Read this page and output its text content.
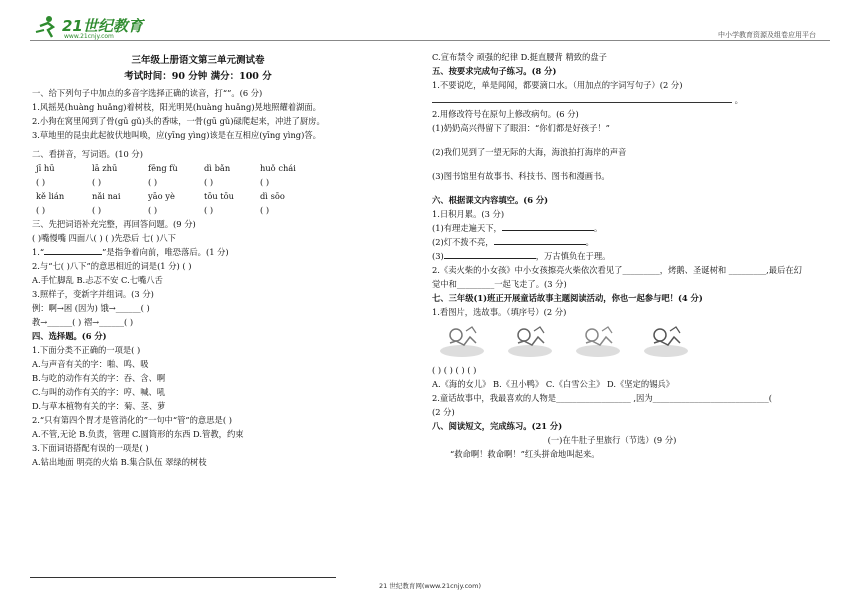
21世纪教育
www.21cnjy.com	中小学教育资源及组卷应用平台
三年级上册语文第三单元测试卷
考试时间：90 分钟 满分：100 分
一、给下列句子中加点的多音字选择正确的读音，打“”。(6 分)
1.风摇晃(huàng huǎng)着树枝，阳光明晃(huàng huǎng)晃地照耀着湖面。
2.小狗在窝里闻到了骨(gū gǔ)头的香味，一骨(gū gǔ)碌爬起来，冲进了厨房。
3.草地里的昆虫此起彼伏地叫唤，应(yīng yìng)该是在互相应(yīng yìng)答。
二、看拼音，写词语。(10 分)
jī hū	lā zhū	fēng fù	dì bǎn	huǒ chái
( )	( )	( )	( )	( )
kě lián	nǎi nai	yāo yè	tōu tōu	dì sōo
( )	( )	( )	( )	( )
三、先把词语补充完整，再回答问题。(9 分)
( )嘴慢嘴 四面八( ) ( )先恐后 七( )八下
1.“	”是指争着向前，唯恐落后。(1 分)
2.与“七( )八下”的意思相近的词是(1 分) ( )
A.手忙脚乱 B.忐忑不安 C.七嘴八舌
3.照样子，变新字并组词。(3 分)
例：啊→困 (因为) 饿→______( )
教→______( ) 褶→______( )
四、选择题。(6 分)
1.下面分类不正确的一项是( )
A.与声音有关的字：啪、鸣、吸
B.与吃的动作有关的字：吞、含、啊
C.与叫的动作有关的字：哼、喊、吼
D.与草本植物有关的字：菊、茎、萝
2.“只有第四个胃才是管消化的”一句中“管”的意思是( )
A.不管,无论 B.负责，管理 C.圆筒形的东西 D.管教，约束
3.下面词语搭配有误的一项是( )
A.钻出地面 明亮的火焰 B.集合队伍 翠绿的树枝
C.宣布禁令 顽强的纪律 D.挺直腰背 精致的盘子
五、按要求完成句子练习。(8 分)
1.不要说吃，单是闻闻，都要滴口水。（用加点的字词写句子）(2 分)
。
2.用修改符号在原句上修改病句。(6 分)
(1)奶奶高兴得留下了眼泪：“你们都是好孩子！”
(2)我们见到了一望无际的大海，海浪拍打海岸的声音
(3)图书馆里有故事书、科技书、图书和漫画书。
六、根据课文内容填空。(6 分)
1.日积月累。(3 分)
(1)有理走遍天下，	。
(2)灯不拨不亮，	。
(3)	，万古慎负在于理。
2.《卖火柴的小女孩》中小女孩擦亮火柴依次看见了_________，烤鹅、圣诞树和 _________,最后在幻
觉中和_________一起飞走了。(3 分)
七、三年级(1)班正开展童话故事主题阅读活动，你也一起参与吧！(4 分)
1.看图片，选故事。（填序号）(2 分)
( ) ( ) ( ) ( )
A.《海的女儿》 B.《丑小鸭》 C.《白雪公主》 D.《坚定的锡兵》
2.童话故事中，我最喜欢的人物是__________________ ,因为____________________________(
(2 分)
八、阅读短文，完成练习。(21 分)
(一)在牛肚子里旅行（节选）(9 分)
“救命啊！救命啊！”红头拼命地叫起来。
21 世纪教育网(www.21cnjy.com)
